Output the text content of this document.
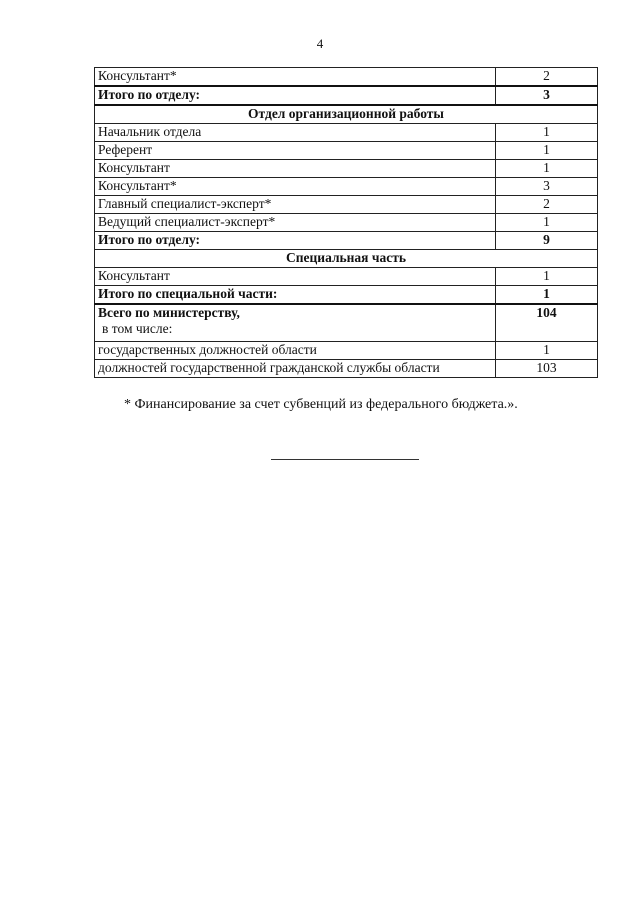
4
Консультант*	2
Итого по отделу:	3
Отдел организационной работы	
Начальник отдела	1
Референт	1
Консультант	1
Консультант*	3
Главный специалист-эксперт*	2
Ведущий специалист-эксперт*	1
Итого по отделу:	9
Специальная часть	
Консультант	1
Итого по специальной части:	1
Всего по министерству,
в том числе:	104
государственных должностей области	1
должностей государственной гражданской службы области	103
* Финансирование за счет субвенций из федерального бюджета.».
